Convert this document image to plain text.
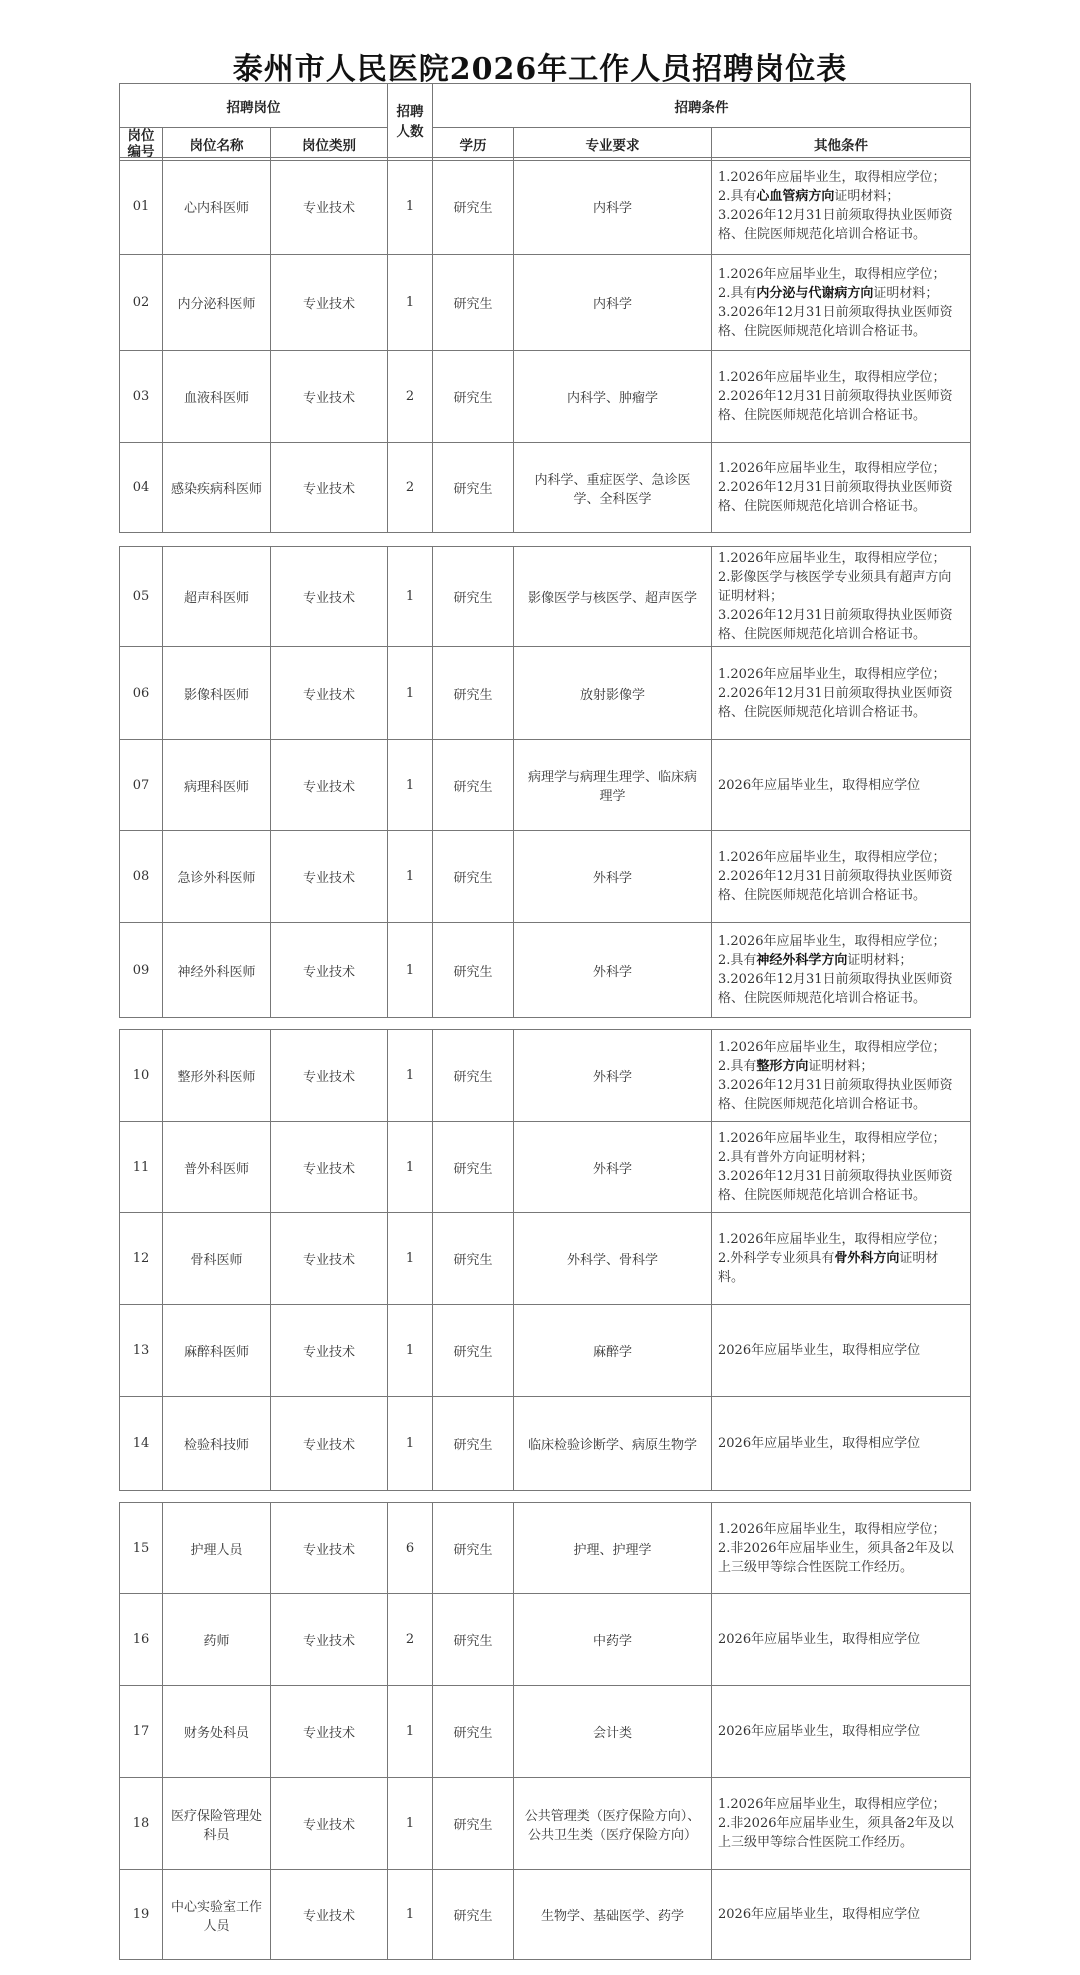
泰州市人民医院2026年工作人员招聘岗位表
招聘岗位			招聘人数	招聘条件		
岗位编号	岗位名称	岗位类别		学历	专业要求	其他条件
01	心内科医师	专业技术	1	研究生	内科学	1.2026年应届毕业生，取得相应学位；
2.具有心血管病方向证明材料；
3.2026年12月31日前须取得执业医师资格、住院医师规范化培训合格证书。
02	内分泌科医师	专业技术	1	研究生	内科学	1.2026年应届毕业生，取得相应学位；
2.具有内分泌与代谢病方向证明材料；
3.2026年12月31日前须取得执业医师资格、住院医师规范化培训合格证书。
03	血液科医师	专业技术	2	研究生	内科学、肿瘤学	1.2026年应届毕业生，取得相应学位；
2.2026年12月31日前须取得执业医师资格、住院医师规范化培训合格证书。
04	感染疾病科医师	专业技术	2	研究生	内科学、重症医学、急诊医学、全科医学	1.2026年应届毕业生，取得相应学位；
2.2026年12月31日前须取得执业医师资格、住院医师规范化培训合格证书。
05	超声科医师	专业技术	1	研究生	影像医学与核医学、超声医学	1.2026年应届毕业生，取得相应学位；
2.影像医学与核医学专业须具有超声方向证明材料；
3.2026年12月31日前须取得执业医师资格、住院医师规范化培训合格证书。
06	影像科医师	专业技术	1	研究生	放射影像学	1.2026年应届毕业生，取得相应学位；
2.2026年12月31日前须取得执业医师资格、住院医师规范化培训合格证书。
07	病理科医师	专业技术	1	研究生	病理学与病理生理学、临床病理学	2026年应届毕业生，取得相应学位
08	急诊外科医师	专业技术	1	研究生	外科学	1.2026年应届毕业生，取得相应学位；
2.2026年12月31日前须取得执业医师资格、住院医师规范化培训合格证书。
09	神经外科医师	专业技术	1	研究生	外科学	1.2026年应届毕业生，取得相应学位；
2.具有神经外科学方向证明材料；
3.2026年12月31日前须取得执业医师资格、住院医师规范化培训合格证书。
10	整形外科医师	专业技术	1	研究生	外科学	1.2026年应届毕业生，取得相应学位；
2.具有整形方向证明材料；
3.2026年12月31日前须取得执业医师资格、住院医师规范化培训合格证书。
11	普外科医师	专业技术	1	研究生	外科学	1.2026年应届毕业生，取得相应学位；
2.具有普外方向证明材料；
3.2026年12月31日前须取得执业医师资格、住院医师规范化培训合格证书。
12	骨科医师	专业技术	1	研究生	外科学、骨科学	1.2026年应届毕业生，取得相应学位；
2.外科学专业须具有骨外科方向证明材料。
13	麻醉科医师	专业技术	1	研究生	麻醉学	2026年应届毕业生，取得相应学位
14	检验科技师	专业技术	1	研究生	临床检验诊断学、病原生物学	2026年应届毕业生，取得相应学位
15	护理人员	专业技术	6	研究生	护理、护理学	1.2026年应届毕业生，取得相应学位；
2.非2026年应届毕业生，须具备2年及以上三级甲等综合性医院工作经历。
16	药师	专业技术	2	研究生	中药学	2026年应届毕业生，取得相应学位
17	财务处科员	专业技术	1	研究生	会计类	2026年应届毕业生，取得相应学位
18	医疗保险管理处科员	专业技术	1	研究生	公共管理类（医疗保险方向）、公共卫生类（医疗保险方向）	1.2026年应届毕业生，取得相应学位；
2.非2026年应届毕业生，须具备2年及以上三级甲等综合性医院工作经历。
19	中心实验室工作人员	专业技术	1	研究生	生物学、基础医学、药学	2026年应届毕业生，取得相应学位
